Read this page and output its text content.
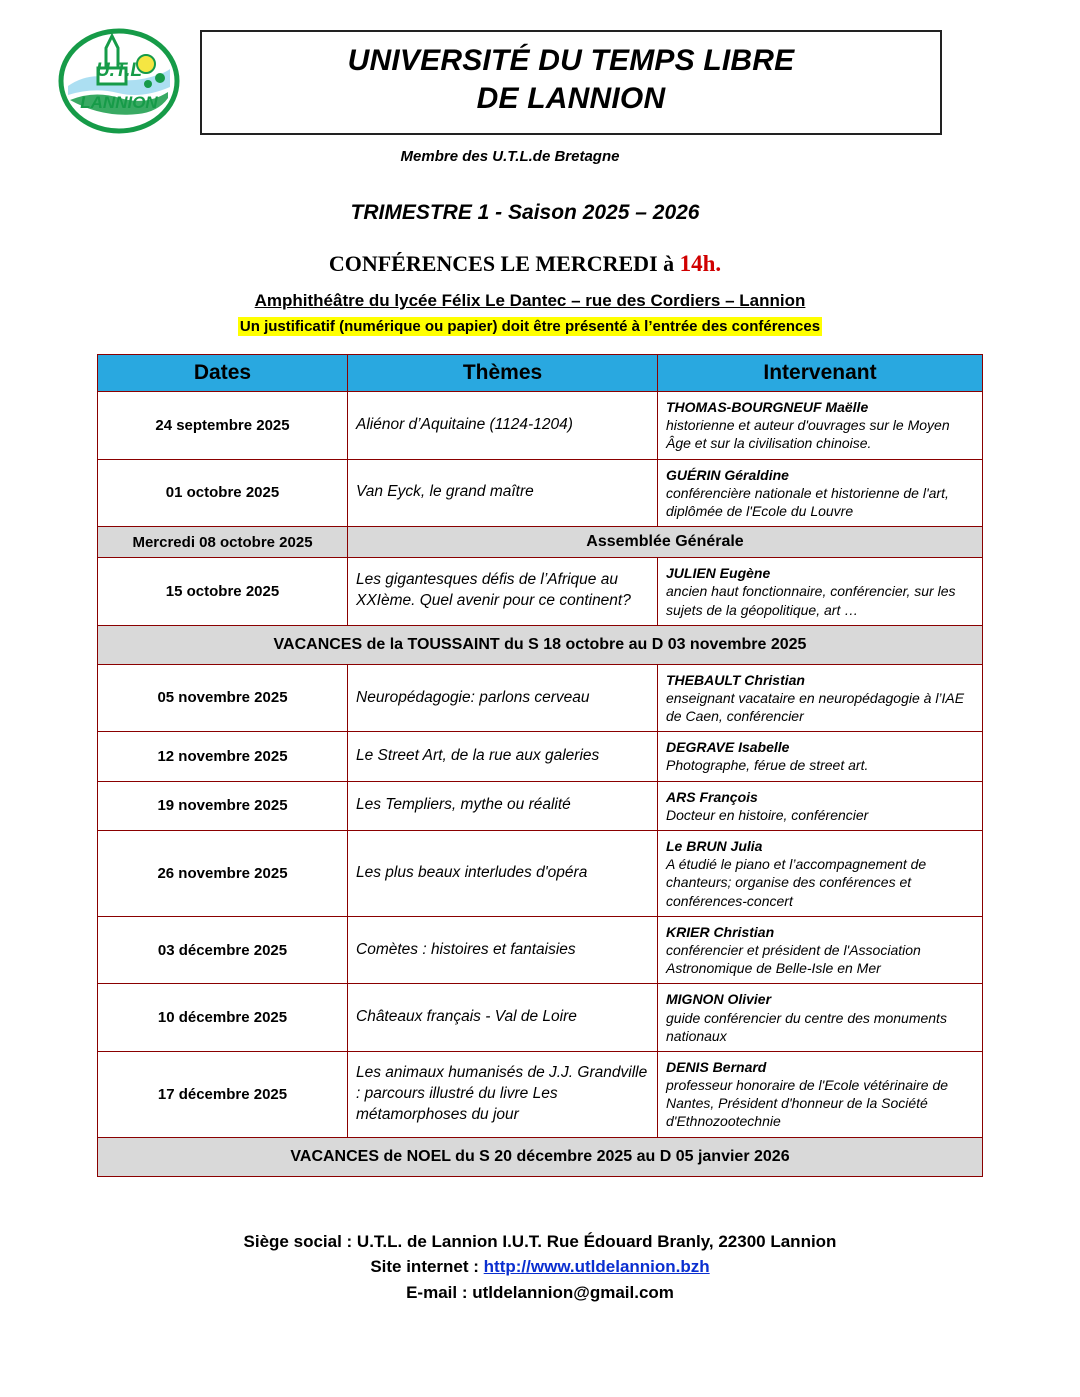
U.T.L
LANNION
UNIVERSITÉ DU TEMPS LIBRE
DE LANNION
Membre des U.T.L.de Bretagne
TRIMESTRE 1 - Saison 2025 – 2026
CONFÉRENCES LE MERCREDI à 14h.
Amphithéâtre du lycée Félix Le Dantec – rue des Cordiers – Lannion
Un justificatif (numérique ou papier) doit être présenté à l’entrée des conférences
Dates	Thèmes	Intervenant
24 septembre 2025	Aliénor d’Aquitaine (1124-1204)	THOMAS-BOURGNEUF Maëlle
historienne et auteur d'ouvrages sur le Moyen Âge et sur la civilisation chinoise.

01 octobre 2025	Van Eyck, le grand maître	GUÉRIN Géraldine
conférencière nationale et historienne de l'art, diplômée de l'Ecole du Louvre

Mercredi 08 octobre 2025	Assemblée Générale	
15 octobre 2025	Les gigantesques défis de l’Afrique au XXIème. Quel avenir pour ce continent?	JULIEN Eugène
ancien haut fonctionnaire, conférencier, sur les sujets de la géopolitique, art …

VACANCES de la TOUSSAINT du S 18 octobre au D 03 novembre 2025		
05 novembre 2025	Neuropédagogie: parlons cerveau	THEBAULT Christian
enseignant vacataire en neuropédagogie à l’IAE de Caen, conférencier

12 novembre 2025	Le Street Art, de la rue aux galeries	DEGRAVE Isabelle
Photographe, férue de street art.

19 novembre 2025	Les Templiers, mythe ou réalité	ARS François
Docteur en histoire, conférencier

26 novembre 2025	Les plus beaux interludes d'opéra	Le BRUN Julia
A étudié le piano et l’accompagnement de chanteurs; organise des conférences et conférences-concert

03 décembre 2025	Comètes : histoires et fantaisies	KRIER Christian
conférencier et président de l'Association Astronomique de Belle-Isle en Mer

10 décembre 2025	Châteaux français - Val de Loire	MIGNON Olivier
guide conférencier du centre des monuments nationaux

17 décembre 2025	Les animaux humanisés de J.J. Grandville : parcours illustré du livre Les métamorphoses du jour	DENIS Bernard
professeur honoraire de l'Ecole vétérinaire de Nantes, Président d'honneur de la Société d'Ethnozootechnie

VACANCES de NOEL du S 20 décembre 2025 au D 05 janvier 2026		
Siège social : U.T.L. de Lannion I.U.T. Rue Édouard Branly, 22300 Lannion
Site internet : http://www.utldelannion.bzh
E-mail : utldelannion@gmail.com
